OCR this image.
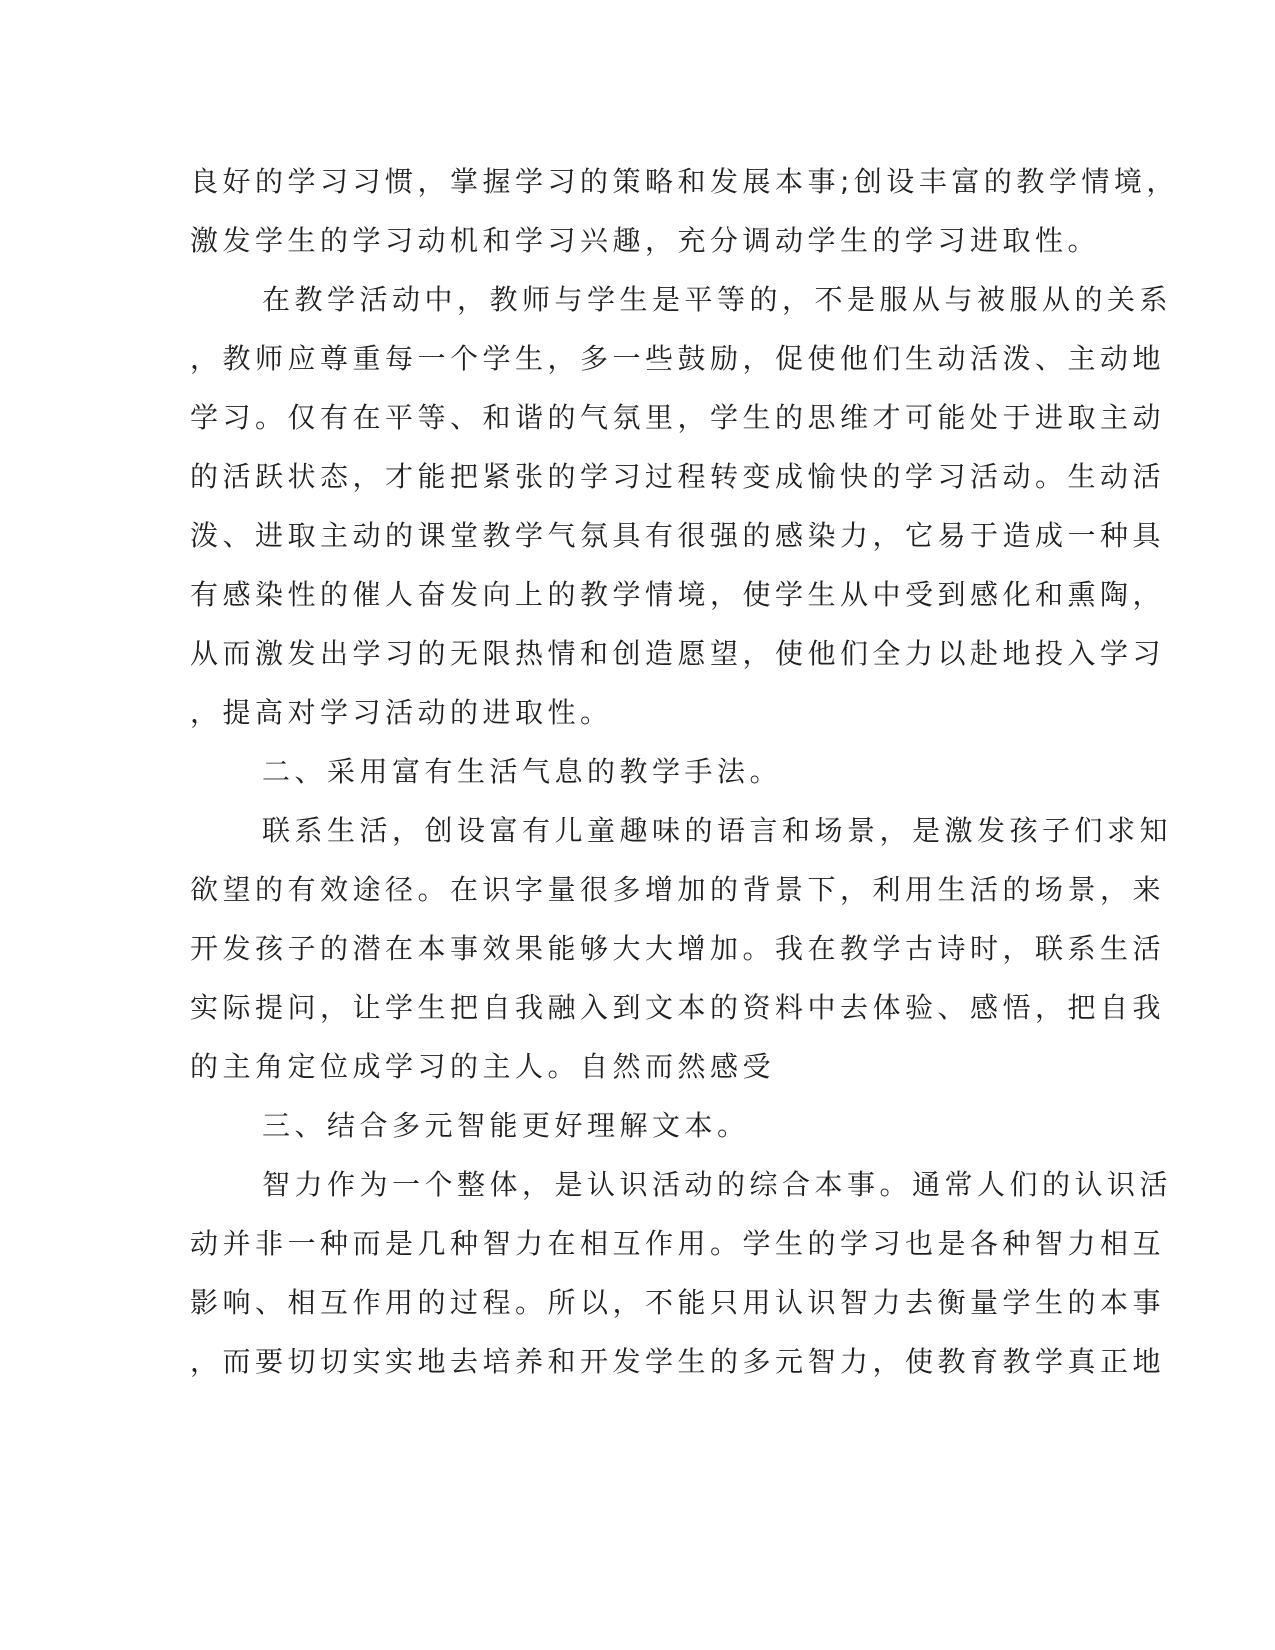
良好的学习习惯，掌握学习的策略和发展本事;创设丰富的教学情境，
激发学生的学习动机和学习兴趣，充分调动学生的学习进取性。
在教学活动中，教师与学生是平等的，不是服从与被服从的关系
，教师应尊重每一个学生，多一些鼓励，促使他们生动活泼、主动地
学习。仅有在平等、和谐的气氛里，学生的思维才可能处于进取主动
的活跃状态，才能把紧张的学习过程转变成愉快的学习活动。生动活
泼、进取主动的课堂教学气氛具有很强的感染力，它易于造成一种具
有感染性的催人奋发向上的教学情境，使学生从中受到感化和熏陶，
从而激发出学习的无限热情和创造愿望，使他们全力以赴地投入学习
，提高对学习活动的进取性。
二、采用富有生活气息的教学手法。
联系生活，创设富有儿童趣味的语言和场景，是激发孩子们求知
欲望的有效途径。在识字量很多增加的背景下，利用生活的场景，来
开发孩子的潜在本事效果能够大大增加。我在教学古诗时，联系生活
实际提问，让学生把自我融入到文本的资料中去体验、感悟，把自我
的主角定位成学习的主人。自然而然感受
三、结合多元智能更好理解文本。
智力作为一个整体，是认识活动的综合本事。通常人们的认识活
动并非一种而是几种智力在相互作用。学生的学习也是各种智力相互
影响、相互作用的过程。所以，不能只用认识智力去衡量学生的本事
，而要切切实实地去培养和开发学生的多元智力，使教育教学真正地
